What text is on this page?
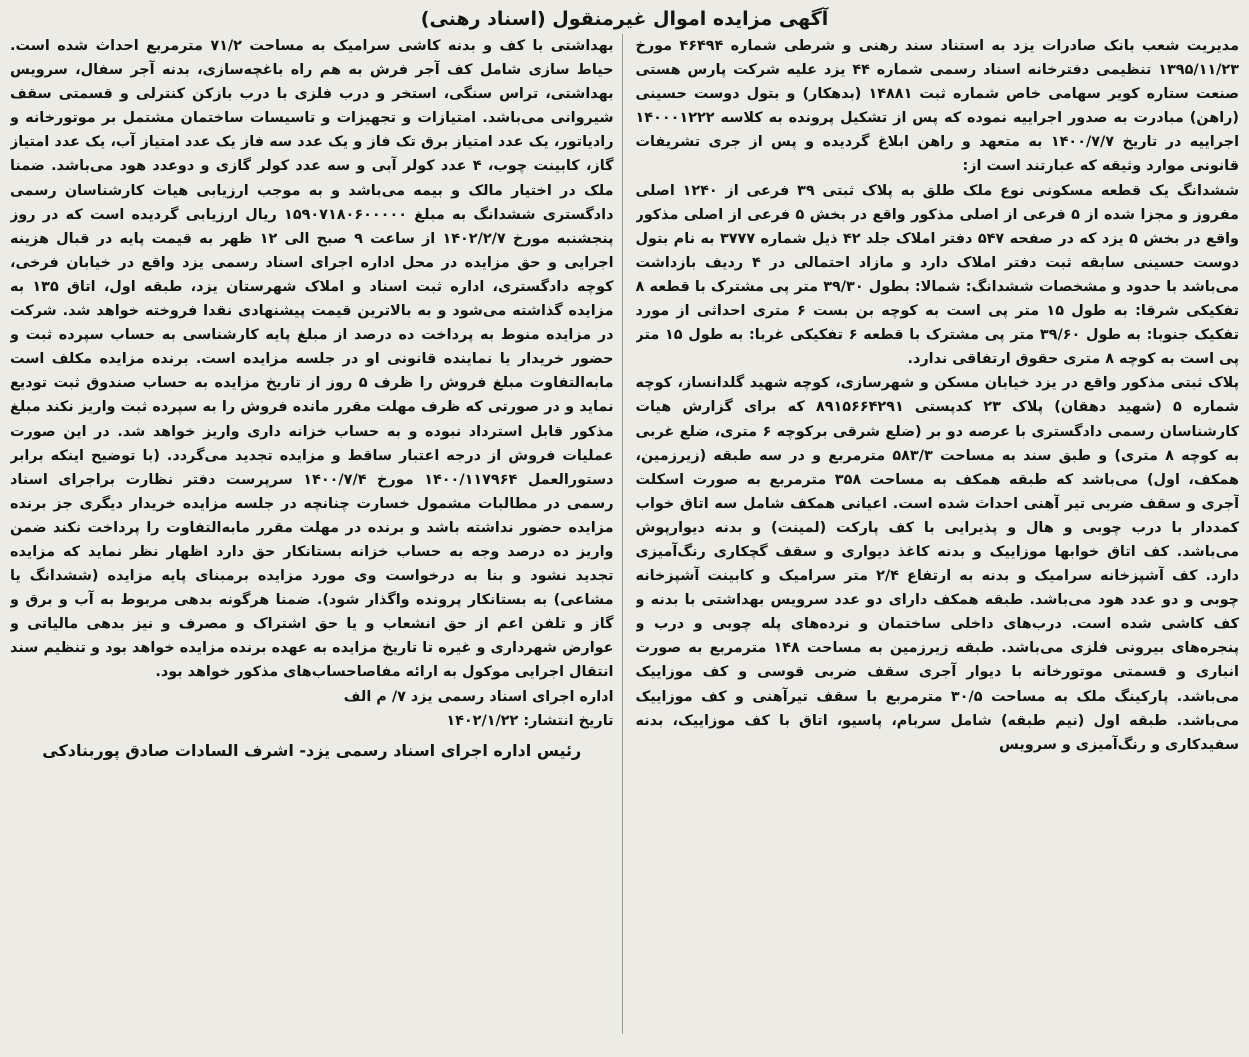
آگهی مزایده اموال غیرمنقول (اسناد رهنی)

مدیریت شعب بانک صادرات یزد به استناد سند رهنی و شرطی شماره ۴۶۴۹۴ مورخ ۱۳۹۵/۱۱/۲۳ تنظیمی دفترخانه اسناد رسمی شماره ۴۴ یزد علیه شرکت پارس هستی صنعت ستاره کویر سهامی خاص شماره ثبت ۱۴۸۸۱ (بدهکار) و بتول دوست حسینی (راهن) مبادرت به صدور اجراییه نموده که پس از تشکیل پرونده به کلاسه ۱۴۰۰۰۱۲۲۲ اجراییه در تاریخ ۱۴۰۰/۷/۷ به متعهد و راهن ابلاغ گردیده و پس از جری تشریفات قانونی موارد وثیقه که عبارتند است از:

ششدانگ یک قطعه مسکونی نوع ملک طلق به پلاک ثبتی ۳۹ فرعی از ۱۲۴۰ اصلی مفروز و مجزا شده از ۵ فرعی از اصلی مذکور واقع در بخش ۵ فرعی از اصلی مذکور واقع در بخش ۵ یزد که در صفحه ۵۴۷ دفتر املاک جلد ۴۲ ذیل شماره ۳۷۷۷ به نام بتول دوست حسینی سابقه ثبت دفتر املاک دارد و مازاد احتمالی در ۴ ردیف بازداشت می‌باشد با حدود و مشخصات ششدانگ: شمالا: بطول ۳۹/۳۰ متر پی مشترک با قطعه ۸ تفکیکی شرقا: به طول ۱۵ متر پی است به کوچه بن بست ۶ متری احداثی از مورد تفکیک جنوبا: به طول ۳۹/۶۰ متر پی مشترک با قطعه ۶ تفکیکی غربا: به طول ۱۵ متر پی است به کوچه ۸ متری حقوق ارتفاقی ندارد.

پلاک ثبتی مذکور واقع در یزد خیابان مسکن و شهرسازی، کوچه شهید گلدانساز، کوچه شماره ۵ (شهید دهقان) پلاک ۲۳ کدپستی ۸۹۱۵۶۶۴۲۹۱ که برای گزارش هیات کارشناسان رسمی دادگستری با عرصه دو بر (ضلع شرقی برکوچه ۶ متری، ضلع غربی به کوچه ۸ متری) و طبق سند به مساحت ۵۸۳/۳ مترمربع و در سه طبقه (زیرزمین، همکف، اول) می‌باشد که طبقه همکف به مساحت ۳۵۸ مترمربع به صورت اسکلت آجری و سقف ضربی تیر آهنی احداث شده است. اعیانی همکف شامل سه اتاق خواب کمددار با درب چوبی و هال و پذیرایی با کف پارکت (لمینت) و بدنه دیوارپوش می‌باشد. کف اتاق خوابها موزاییک و بدنه کاغذ دیواری و سقف گچکاری رنگ‌آمیزی دارد. کف آشپزخانه سرامیک و بدنه به ارتفاع ۲/۴ متر سرامیک و کابینت آشپزخانه چوبی و دو عدد هود می‌باشد. طبقه همکف دارای دو عدد سرویس بهداشتی با بدنه و کف کاشی شده است. درب‌های داخلی ساختمان و نرده‌های پله چوبی و درب و پنجره‌های بیرونی فلزی می‌باشد. طبقه زیرزمین به مساحت ۱۴۸ مترمربع به صورت انباری و قسمتی موتورخانه با دیوار آجری سقف ضربی قوسی و کف موزاییک می‌باشد. پارکینگ ملک به مساحت ۳۰/۵ مترمربع با سقف تیرآهنی و کف موزاییک می‌باشد. طبقه اول (نیم طبقه) شامل سربام، پاسیو، اتاق با کف موزاییک، بدنه سفیدکاری و رنگ‌آمیزی و سرویس

بهداشتی با کف و بدنه کاشی سرامیک به مساحت ۷۱/۲ مترمربع احداث شده است. حیاط سازی شامل کف آجر فرش به هم راه باغچه‌سازی، بدنه آجر سفال، سرویس بهداشتی، تراس سنگی، استخر و درب فلزی با درب بازکن کنترلی و قسمتی سقف شیروانی می‌باشد. امتیازات و تجهیزات و تاسیسات ساختمان مشتمل بر موتورخانه و رادیاتور، یک عدد امتیاز برق تک فاز و یک عدد سه فاز یک عدد امتیاز آب، یک عدد امتیاز گاز، کابینت چوب، ۴ عدد کولر آبی و سه عدد کولر گازی و دوعدد هود می‌باشد. ضمنا ملک در اختیار مالک و بیمه می‌باشد و به موجب ارزیابی هیات کارشناسان رسمی دادگستری ششدانگ به مبلغ ۱۵۹۰۷۱۸۰۶۰۰۰۰۰ ریال ارزیابی گردیده است که در روز پنجشنبه مورخ ۱۴۰۲/۲/۷ از ساعت ۹ صبح الی ۱۲ ظهر به قیمت پایه در قبال هزینه اجرایی و حق مزایده در محل اداره اجرای اسناد رسمی یزد واقع در خیابان فرخی، کوچه دادگستری، اداره ثبت اسناد و املاک شهرستان یزد، طبقه اول، اتاق ۱۳۵ به مزایده گذاشته می‌شود و به بالاترین قیمت پیشنهادی نقدا فروخته خواهد شد. شرکت در مزایده منوط به پرداخت ده درصد از مبلغ پایه کارشناسی به حساب سپرده ثبت و حضور خریدار یا نماینده قانونی او در جلسه مزایده است. برنده مزایده مکلف است مابه‌التفاوت مبلغ فروش را ظرف ۵ روز از تاریخ مزایده به حساب صندوق ثبت تودیع نماید و در صورتی که ظرف مهلت مقرر مانده فروش را به سپرده ثبت واریز نکند مبلغ مذکور قابل استرداد نبوده و به حساب خزانه داری واریز خواهد شد. در این صورت عملیات فروش از درجه اعتبار ساقط و مزایده تجدید می‌گردد. (با توضیح اینکه برابر دستورالعمل ۱۴۰۰/۱۱۷۹۶۴ مورخ ۱۴۰۰/۷/۴ سرپرست دفتر نظارت براجرای اسناد رسمی در مطالبات مشمول خسارت چنانچه در جلسه مزایده خریدار دیگری جز برنده مزایده حضور نداشته باشد و برنده در مهلت مقرر مابه‌التفاوت را پرداخت نکند ضمن واریز ده درصد وجه به حساب خزانه بستانکار حق دارد اظهار نظر نماید که مزایده تجدید نشود و بنا به درخواست وی مورد مزایده برمبنای پایه مزایده (ششدانگ یا مشاعی) به بستانکار پرونده واگذار شود). ضمنا هرگونه بدهی مربوط به آب و برق و گاز و تلفن اعم از حق انشعاب و یا حق اشتراک و مصرف و نیز بدهی مالیاتی و عوارض شهرداری و غیره تا تاریخ مزایده به عهده برنده مزایده خواهد بود و تنظیم سند انتقال اجرایی موکول به ارائه مفاصاحساب‌های مذکور خواهد بود.

اداره اجرای اسناد رسمی یزد ۷/ م الف

تاریخ انتشار: ۱۴۰۲/۱/۲۲

رئیس اداره اجرای اسناد رسمی یزد- اشرف السادات صادق پوربنادکی
